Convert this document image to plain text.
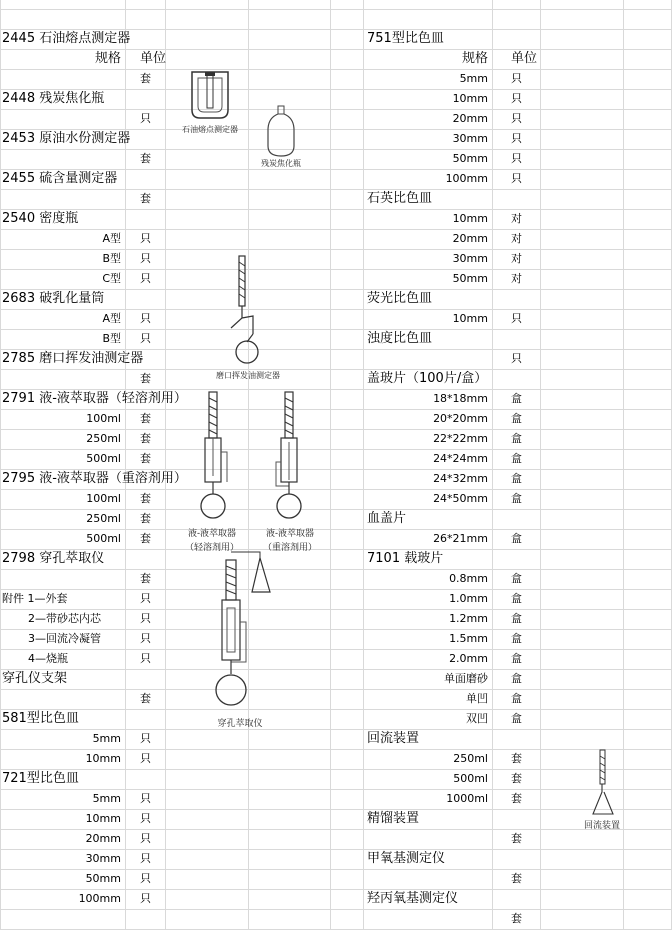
2445 石油熔点测定器
规格 单位
套
2448 残炭焦化瓶
只
2453 原油水份测定器
套
2455 硫含量测定器
套
2540 密度瓶
A型 只
B型 只
C型 只
2683 破乳化量筒
A型 只
B型 只
2785 磨口挥发油测定器
套
2791 液-液萃取器（轻溶剂用）
100ml 套
250ml 套
500ml 套
2795 液-液萃取器（重溶剂用）
100ml 套
250ml 套
500ml 套
2798 穿孔萃取仪
套
附件 1—外套	只
2—带砂芯内芯	只
3—回流冷凝管	只
4—烧瓶	只
穿孔仪支架
套
581型比色皿
5mm 只
10mm 只
721型比色皿
5mm 只
10mm 只
20mm 只
30mm 只
50mm 只
100mm 只
751型比色皿
规格 单位
5mm 只
10mm 只
20mm 只
30mm 只
50mm 只
100mm 只
石英比色皿
10mm 对
20mm 对
30mm 对
50mm 对
荧光比色皿
10mm 只
浊度比色皿
只
盖玻片（100片/盒）
18*18mm 盒
20*20mm 盒
22*22mm 盒
24*24mm 盒
24*32mm 盒
24*50mm 盒
血盖片
26*21mm 盒
7101 载玻片
0.8mm 盒
1.0mm 盒
1.2mm 盒
1.5mm 盒
2.0mm 盒
单面磨砂 盒
单凹 盒
双凹 盒
回流装置
250ml 套
500ml 套
1000ml 套
精馏装置
套
甲氧基测定仪
套
羟丙氧基测定仪
套
石油熔点测定器
残炭焦化瓶
磨口挥发油测定器
液-液萃取器
（轻溶剂用）
液-液萃取器
（重溶剂用）
穿孔萃取仪
回流装置
